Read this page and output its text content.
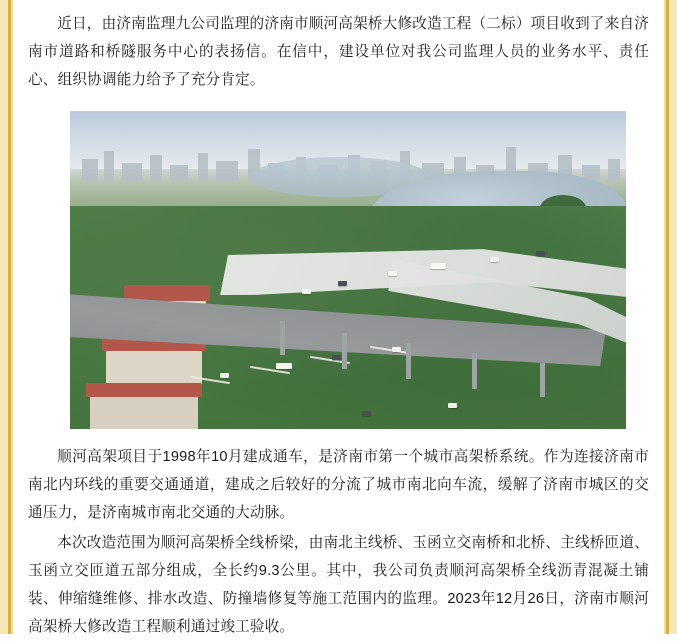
近日，由济南监理九公司监理的济南市顺河高架桥大修改造工程（二标）项目收到了来自济南市道路和桥隧服务中心的表扬信。在信中，建设单位对我公司监理人员的业务水平、责任心、组织协调能力给予了充分肯定。

顺河高架项目于1998年10月建成通车，是济南市第一个城市高架桥系统。作为连接济南市南北内环线的重要交通通道，建成之后较好的分流了城市南北向车流，缓解了济南市城区的交通压力，是济南城市南北交通的大动脉。

本次改造范围为顺河高架桥全线桥梁，由南北主线桥、玉函立交南桥和北桥、主线桥匝道、玉函立交匝道五部分组成，全长约9.3公里。其中，我公司负责顺河高架桥全线沥青混凝土铺装、伸缩缝维修、排水改造、防撞墙修复等施工范围内的监理。2023年12月26日，济南市顺河高架桥大修改造工程顺利通过竣工验收。
